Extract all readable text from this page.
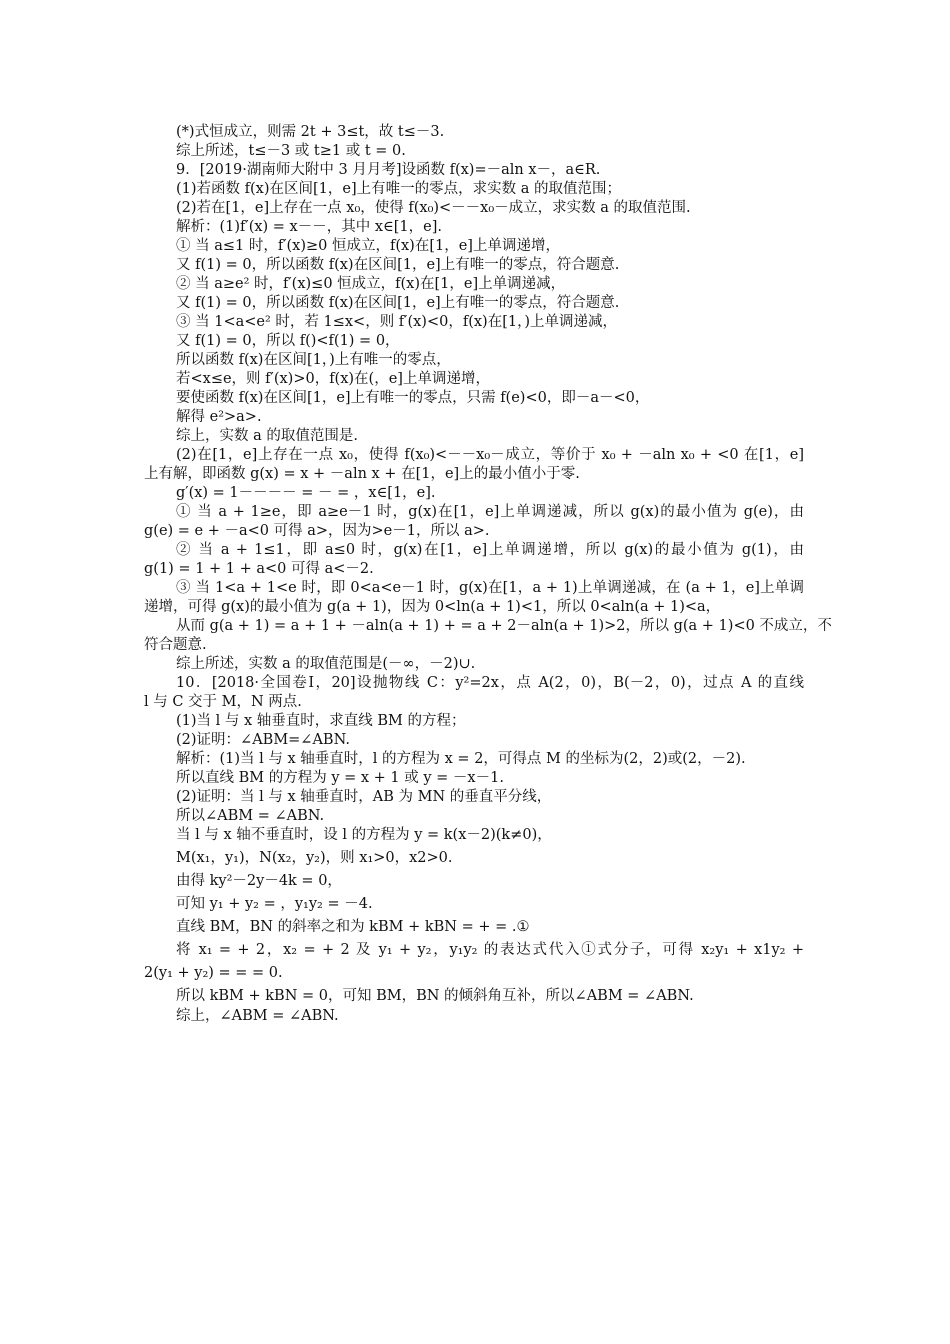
(*)式恒成立，则需 2t + 3≤t，故 t≤－3.
综上所述，t≤－3 或 t≥1 或 t = 0.
9．[2019·湖南师大附中 3 月月考]设函数 f(x)=－aln x－，a∈R.
(1)若函数 f(x)在区间[1，e]上有唯一的零点，求实数 a 的取值范围；
(2)若在[1，e]上存在一点 x₀，使得 f(x₀)<－－x₀－成立，求实数 a 的取值范围.
解析：(1)f′(x) = x－－，其中 x∈[1，e].
① 当 a≤1 时，f′(x)≥0 恒成立，f(x)在[1，e]上单调递增，
又 f(1) = 0，所以函数 f(x)在区间[1，e]上有唯一的零点，符合题意.
② 当 a≥e² 时，f′(x)≤0 恒成立，f(x)在[1，e]上单调递减，
又 f(1) = 0，所以函数 f(x)在区间[1，e]上有唯一的零点，符合题意.
③ 当 1<a<e² 时，若 1≤x<，则 f′(x)<0，f(x)在[1，)上单调递减，
又 f(1) = 0，所以 f()<f(1) = 0，
所以函数 f(x)在区间[1，)上有唯一的零点，
若<x≤e，则 f′(x)>0，f(x)在(，e]上单调递增，
要使函数 f(x)在区间[1，e]上有唯一的零点，只需 f(e)<0，即－a－<0，
解得 e²>a>.
综上，实数 a 的取值范围是.
(2)在[1，e]上存在一点 x₀，使得 f(x₀)<－－x₀－成立，等价于 x₀ + －aln x₀ + <0 在[1，e]
上有解，即函数 g(x) = x + －aln x + 在[1，e]上的最小值小于零.
g′(x) = 1－－－－ = － = ，x∈[1，e].
① 当 a + 1≥e，即 a≥e－1 时，g(x)在[1，e]上单调递减，所以 g(x)的最小值为 g(e)，由
g(e) = e + －a<0 可得 a>，因为>e－1，所以 a>.
② 当 a + 1≤1，即 a≤0 时，g(x)在[1，e]上单调递增，所以 g(x)的最小值为 g(1)，由
g(1) = 1 + 1 + a<0 可得 a<－2.
③ 当 1<a + 1<e 时，即 0<a<e－1 时，g(x)在[1，a + 1)上单调递减，在 (a + 1，e]上单调
递增，可得 g(x)的最小值为 g(a + 1)，因为 0<ln(a + 1)<1，所以 0<aln(a + 1)<a，
从而 g(a + 1) = a + 1 + －aln(a + 1) + = a + 2－aln(a + 1)>2，所以 g(a + 1)<0 不成立，不
符合题意.
综上所述，实数 a 的取值范围是(－∞，－2)∪.
10．[2018·全国卷Ⅰ，20]设抛物线 C：y²=2x，点 A(2，0)，B(－2，0)，过点 A 的直线
l 与 C 交于 M，N 两点.
(1)当 l 与 x 轴垂直时，求直线 BM 的方程；
(2)证明：∠ABM=∠ABN.
解析：(1)当 l 与 x 轴垂直时，l 的方程为 x = 2，可得点 M 的坐标为(2，2)或(2，－2).
所以直线 BM 的方程为 y = x + 1 或 y = －x－1.
(2)证明：当 l 与 x 轴垂直时，AB 为 MN 的垂直平分线，
所以∠ABM = ∠ABN.
当 l 与 x 轴不垂直时，设 l 的方程为 y = k(x－2)(k≠0)，
M(x₁，y₁)，N(x₂，y₂)，则 x₁>0，x2>0.
由得 ky²－2y－4k = 0，
可知 y₁ + y₂ = ，y₁y₂ = －4.
直线 BM，BN 的斜率之和为 kBM + kBN = + = .①
将 x₁ = + 2，x₂ = + 2 及 y₁ + y₂，y₁y₂ 的表达式代入①式分子，可得 x₂y₁ + x1y₂ +
2(y₁ + y₂) = = = 0.
所以 kBM + kBN = 0，可知 BM，BN 的倾斜角互补，所以∠ABM = ∠ABN.
综上，∠ABM = ∠ABN.
